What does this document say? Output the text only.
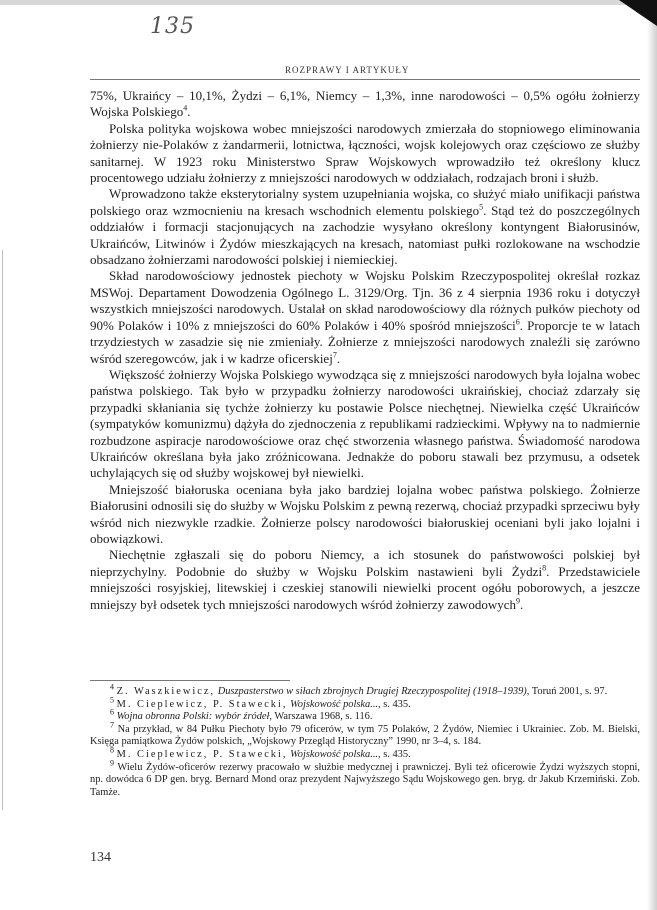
135
ROZPRAWY I ARTYKUŁY

75%, Ukraińcy – 10,1%, Żydzi – 6,1%, Niemcy – 1,3%, inne narodowości – 0,5% ogółu żołnierzy Wojska Polskiego$^4$.

Polska polityka wojskowa wobec mniejszości narodowych zmierzała do stopniowego eliminowania żołnierzy nie-Polaków z żandarmerii, lotnictwa, łączności, wojsk kolejowych oraz częściowo ze służby sanitarnej. W 1923 roku Ministerstwo Spraw Wojskowych wprowadziło też określony klucz procentowego udziału żołnierzy z mniejszości narodowych w oddziałach, rodzajach broni i służb.

Wprowadzono także eksterytorialny system uzupełniania wojska, co służyć miało unifikacji państwa polskiego oraz wzmocnieniu na kresach wschodnich elementu polskiego$^5$. Stąd też do poszczególnych oddziałów i formacji stacjonujących na zachodzie wysyłano określony kontyngent Białorusinów, Ukraińców, Litwinów i Żydów mieszkających na kresach, natomiast pułki rozlokowane na wschodzie obsadzano żołnierzami narodowości polskiej i niemieckiej.

Skład narodowościowy jednostek piechoty w Wojsku Polskim Rzeczypospolitej określał rozkaz MSWoj. Departament Dowodzenia Ogólnego L. 3129/Org. Tjn. 36 z 4 sierpnia 1936 roku i dotyczył wszystkich mniejszości narodowych. Ustalał on skład narodowościowy dla różnych pułków piechoty od 90% Polaków i 10% z mniejszości do 60% Polaków i 40% spośród mniejszości$^6$. Proporcje te w latach trzydziestych w zasadzie się nie zmieniały. Żołnierze z mniejszości narodowych znaleźli się zarówno wśród szeregowców, jak i w kadrze oficerskiej$^7$.

Większość żołnierzy Wojska Polskiego wywodząca się z mniejszości narodowych była lojalna wobec państwa polskiego. Tak było w przypadku żołnierzy narodowości ukraińskiej, chociaż zdarzały się przypadki skłaniania się tychże żołnierzy ku postawie Polsce niechętnej. Niewielka część Ukraińców (sympatyków komunizmu) dążyła do zjednoczenia z republikami radzieckimi. Wpływy na to nadmiernie rozbudzone aspiracje narodowościowe oraz chęć stworzenia własnego państwa. Świadomość narodowa Ukraińców określana była jako zróżnicowana. Jednakże do poboru stawali bez przymusu, a odsetek uchylających się od służby wojskowej był niewielki.

Mniejszość białoruska oceniana była jako bardziej lojalna wobec państwa polskiego. Żołnierze Białorusini odnosili się do służby w Wojsku Polskim z pewną rezerwą, chociaż przypadki sprzeciwu były wśród nich niezwykle rzadkie. Żołnierze polscy narodowości białoruskiej oceniani byli jako lojalni i obowiązkowi.

Niechętnie zgłaszali się do poboru Niemcy, a ich stosunek do państwowości polskiej był nieprzychylny. Podobnie do służby w Wojsku Polskim nastawieni byli Żydzi$^8$. Przedstawiciele mniejszości rosyjskiej, litewskiej i czeskiej stanowili niewielki procent ogółu poborowych, a jeszcze mniejszy był odsetek tych mniejszości narodowych wśród żołnierzy zawodowych$^9$.

$^4$ Z. Waszkiewicz, Duszpasterstwo w siłach zbrojnych Drugiej Rzeczypospolitej (1918–1939), Toruń 2001, s. 97.

$^5$ M. Cieplewicz, P. Stawecki, Wojskowość polska..., s. 435.

$^6$ Wojna obronna Polski: wybór źródeł, Warszawa 1968, s. 116.

$^7$ Na przykład, w 84 Pułku Piechoty było 79 oficerów, w tym 75 Polaków, 2 Żydów, Niemiec i Ukrainiec. Zob. M. Bielski, Księga pamiątkowa Żydów polskich, „Wojskowy Przegląd Historyczny” 1990, nr 3–4, s. 184.

$^8$ M. Cieplewicz, P. Stawecki, Wojskowość polska..., s. 435.

$^9$ Wielu Żydów-oficerów rezerwy pracowało w służbie medycznej i prawniczej. Byli też oficerowie Żydzi wyższych stopni, np. dowódca 6 DP gen. bryg. Bernard Mond oraz prezydent Najwyższego Sądu Wojskowego gen. bryg. dr Jakub Krzemiński. Zob. Tamże.

134
